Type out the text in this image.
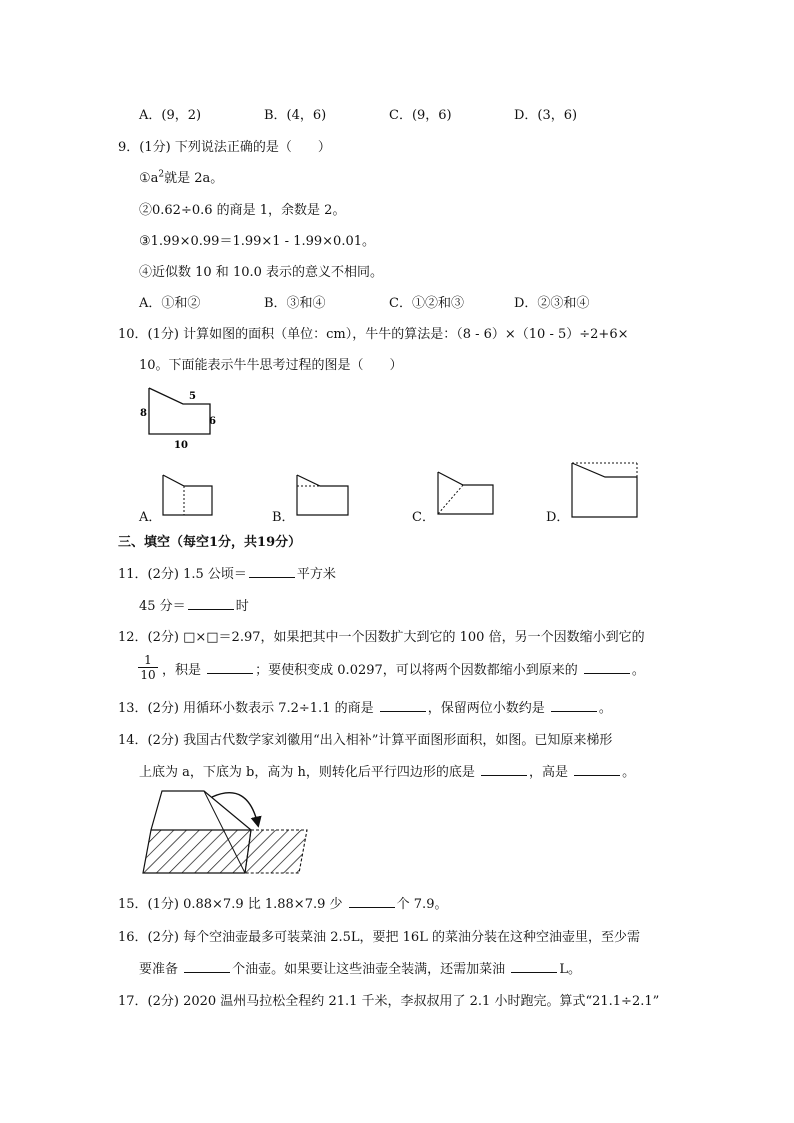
A．(9，2)	B．(4，6)	C．(9，6)	D．(3，6)
9．(1分) 下列说法正确的是（　　）
$①a^2$就是 2a。
②0.62÷0.6 的商是 1，余数是 2。
③1.99×0.99＝1.99×1 - 1.99×0.01。
④近似数 10 和 10.0 表示的意义不相同。
A．①和②	B．③和④	C．①②和③	D．②③和④
10．(1分) 计算如图的面积（单位：cm），牛牛的算法是：（8 - 6）×（10 - 5）÷2+6×
10。下面能表示牛牛思考过程的图是（　　）
5
8
6
10
A．	B．	C．	D．
三、填空（每空1分，共19分）
11．(2分) 1.5 公顷＝	平方米
45 分＝	时
12．(2分) □×□＝2.97，如果把其中一个因数扩大到它的 100 倍，另一个因数缩小到它的
$\frac{1}{10}$ ，积是	；要使积变成 0.0297，可以将两个因数都缩小到原来的	。
13．(2分) 用循环小数表示 7.2÷1.1 的商是	，保留两位小数约是	。
14．(2分) 我国古代数学家刘徽用“出入相补”计算平面图形面积，如图。已知原来梯形
上底为 a，下底为 b，高为 h，则转化后平行四边形的底是	，高是	。
15．(1分) 0.88×7.9 比 1.88×7.9 少	个 7.9。
16．(2分) 每个空油壶最多可装菜油 2.5L，要把 16L 的菜油分装在这种空油壶里，至少需
要准备	个油壶。如果要让这些油壶全装满，还需加菜油	L。
17．(2分) 2020 温州马拉松全程约 21.1 千米，李叔叔用了 2.1 小时跑完。算式“21.1÷2.1”
